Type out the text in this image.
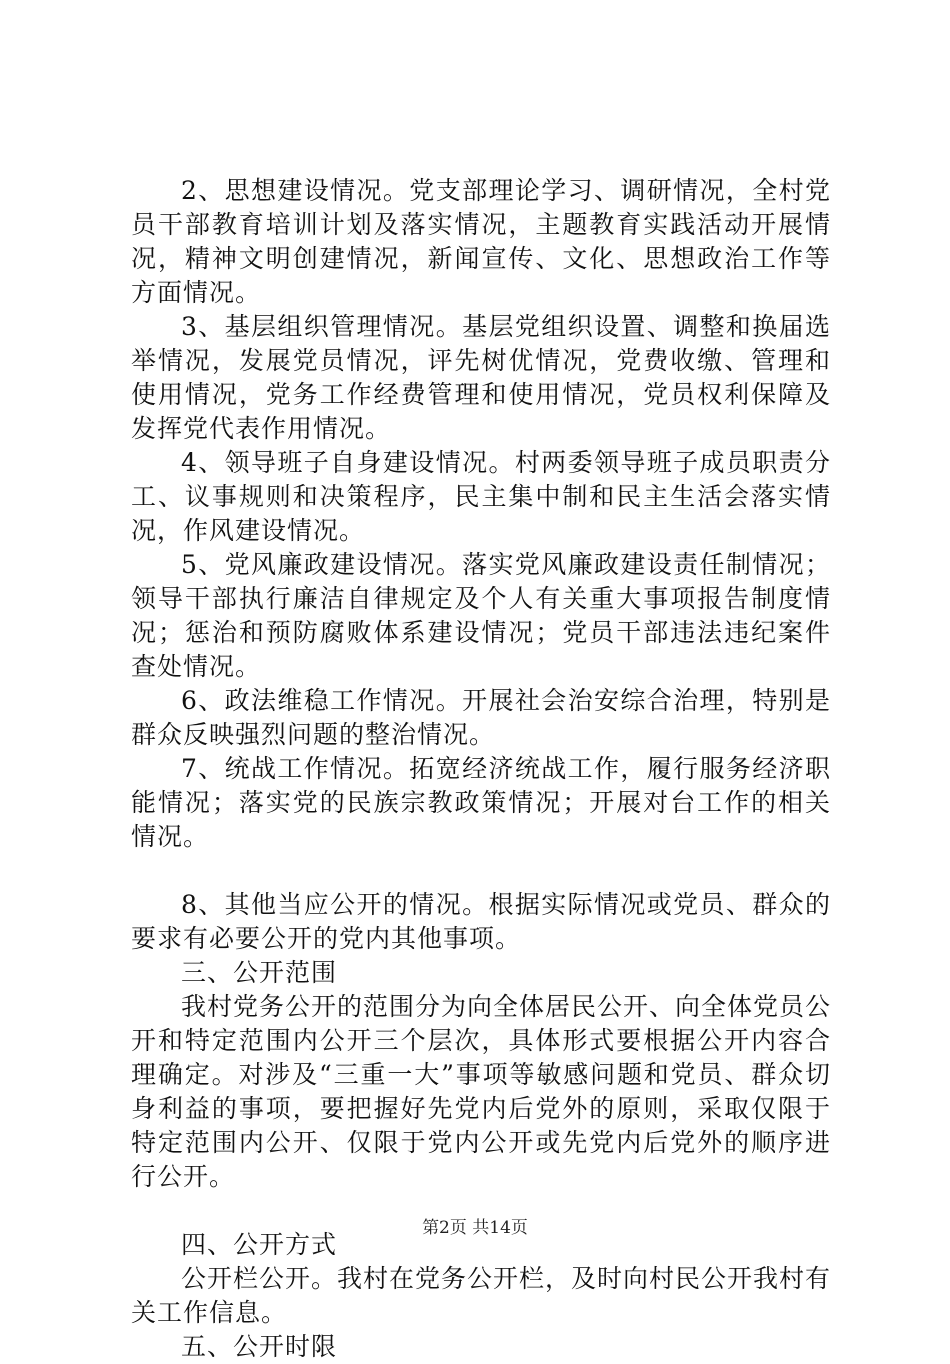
2、思想建设情况。党支部理论学习、调研情况，全村党员干部教育培训计划及落实情况，主题教育实践活动开展情况，精神文明创建情况，新闻宣传、文化、思想政治工作等方面情况。

3、基层组织管理情况。基层党组织设置、调整和换届选举情况，发展党员情况，评先树优情况，党费收缴、管理和使用情况，党务工作经费管理和使用情况，党员权利保障及发挥党代表作用情况。

4、领导班子自身建设情况。村两委领导班子成员职责分工、议事规则和决策程序，民主集中制和民主生活会落实情况，作风建设情况。

5、党风廉政建设情况。落实党风廉政建设责任制情况；领导干部执行廉洁自律规定及个人有关重大事项报告制度情况；惩治和预防腐败体系建设情况；党员干部违法违纪案件查处情况。

6、政法维稳工作情况。开展社会治安综合治理，特别是群众反映强烈问题的整治情况。

7、统战工作情况。拓宽经济统战工作，履行服务经济职能情况；落实党的民族宗教政策情况；开展对台工作的相关情况。

8、其他当应公开的情况。根据实际情况或党员、群众的要求有必要公开的党内其他事项。

三、公开范围

我村党务公开的范围分为向全体居民公开、向全体党员公开和特定范围内公开三个层次，具体形式要根据公开内容合理确定。对涉及“三重一大”事项等敏感问题和党员、群众切身利益的事项，要把握好先党内后党外的原则，采取仅限于特定范围内公开、仅限于党内公开或先党内后党外的顺序进行公开。

四、公开方式

公开栏公开。我村在党务公开栏，及时向村民公开我村有关工作信息。

五、公开时限

第2页 共14页
